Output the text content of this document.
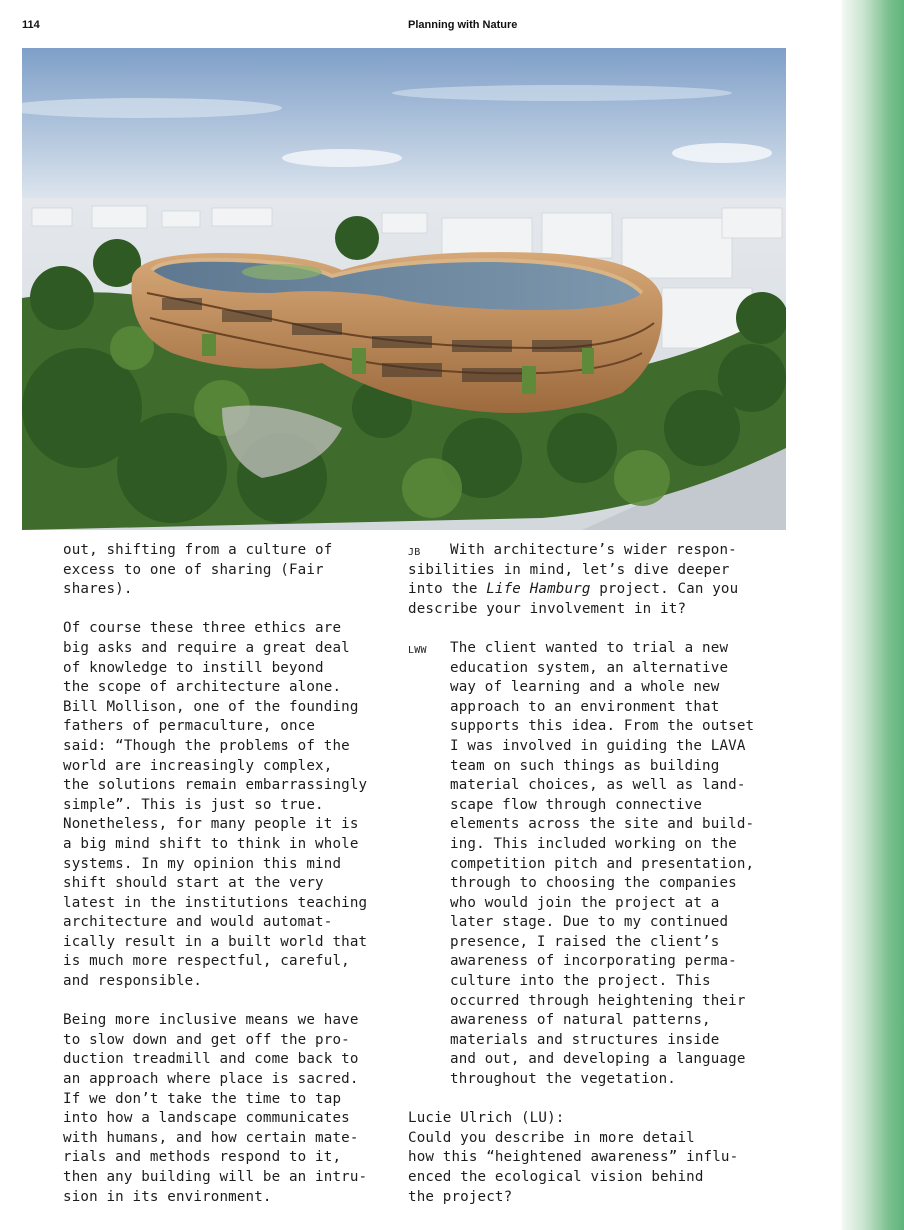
114	Planning with Nature

out, shifting from a culture of
excess to one of sharing (Fair
shares).

Of course these three ethics are
big asks and require a great deal
of knowledge to instill beyond
the scope of architecture alone.
Bill Mollison, one of the founding
fathers of permaculture, once
said: “Though the problems of the
world are increasingly complex,
the solutions remain embarrassingly
simple”. This is just so true.
Nonetheless, for many people it is
a big mind shift to think in whole
systems. In my opinion this mind
shift should start at the very
latest in the institutions teaching
architecture and would automat-
ically result in a built world that
is much more respectful, careful,
and responsible.

Being more inclusive means we have
to slow down and get off the pro-
duction treadmill and come back to
an approach where place is sacred.
If we don’t take the time to tap
into how a landscape communicates
with humans, and how certain mate-
rials and methods respond to it,
then any building will be an intru-
sion in its environment.

JB	With architecture’s wider respon-
sibilities in mind, let’s dive deeper
into the Life Hamburg project. Can you
describe your involvement in it?

LWW	The client wanted to trial a new
education system, an alternative
way of learning and a whole new
approach to an environment that
supports this idea. From the outset
I was involved in guiding the LAVA
team on such things as building
material choices, as well as land-
scape flow through connective
elements across the site and build-
ing. This included working on the
competition pitch and presentation,
through to choosing the companies
who would join the project at a
later stage. Due to my continued
presence, I raised the client’s
awareness of incorporating perma-
culture into the project. This
occurred through heightening their
awareness of natural patterns,
materials and structures inside
and out, and developing a language
throughout the vegetation.

Lucie Ulrich (LU):
Could you describe in more detail
how this “heightened awareness” influ-
enced the ecological vision behind
the project?
